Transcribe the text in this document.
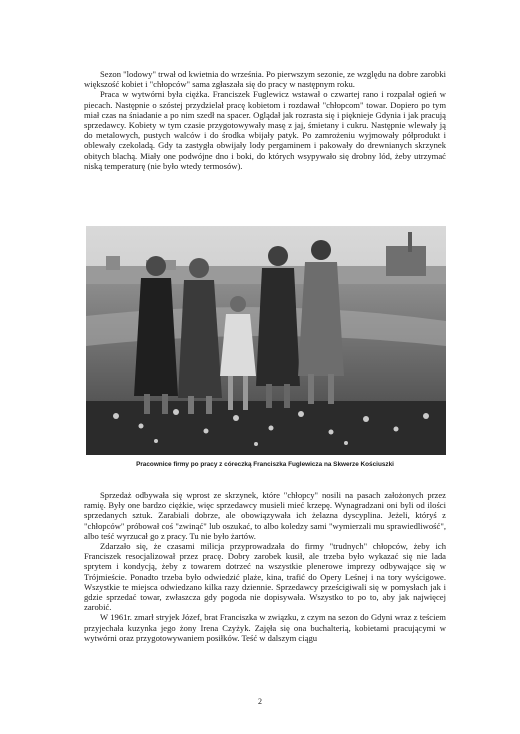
Sezon "lodowy" trwał od kwietnia do września. Po pierwszym sezonie, ze względu na dobre zarobki większość kobiet i "chłopców" sama zgłaszała się do pracy w następnym roku.

Praca w wytwórni była ciężka. Franciszek Fuglewicz wstawał o czwartej rano i rozpalał ogień w piecach. Następnie o szóstej przydzielał pracę kobietom i rozdawał "chłopcom" towar. Dopiero po tym miał czas na śniadanie a po nim szedł na spacer. Oglądał jak rozrasta się i pięknieje Gdynia i jak pracują sprzedawcy. Kobiety w tym czasie przygotowywały masę z jaj, śmietany i cukru. Następnie wlewały ją do metalowych, pustych walców i do środka wbijały patyk. Po zamrożeniu wyjmowały półprodukt i oblewały czekoladą. Gdy ta zastygła obwijały lody pergaminem i pakowały do drewnianych skrzynek obitych blachą. Miały one podwójne dno i boki, do których wsypywało się drobny lód, żeby utrzymać niską temperaturę (nie było wtedy termosów).

Pracownice firmy po pracy z córeczką Franciszka Fuglewicza na Skwerze Kościuszki

Sprzedaż odbywała się wprost ze skrzynek, które "chłopcy" nosili na pasach założonych przez ramię. Były one bardzo ciężkie, więc sprzedawcy musieli mieć krzepę. Wynagradzani oni byli od ilości sprzedanych sztuk. Zarabiali dobrze, ale obowiązywała ich żelazna dyscyplina. Jeżeli, któryś z "chłopców" próbował coś "zwinąć" lub oszukać, to albo koledzy sami "wymierzali mu sprawiedliwość", albo teść wyrzucał go z pracy. Tu nie było żartów.

Zdarzało się, że czasami milicja przyprowadzała do firmy "trudnych" chłopców, żeby ich Franciszek resocjalizował przez pracę. Dobry zarobek kusił, ale trzeba było wykazać się nie lada sprytem i kondycją, żeby z towarem dotrzeć na wszystkie plenerowe imprezy odbywające się w Trójmieście. Ponadto trzeba było odwiedzić plaże, kina, trafić do Opery Leśnej i na tory wyścigowe. Wszystkie te miejsca odwiedzano kilka razy dziennie. Sprzedawcy prześcigiwali się w pomysłach jak i gdzie sprzedać towar, zwłaszcza gdy pogoda nie dopisywała. Wszystko to po to, aby jak najwięcej zarobić.

W 1961r. zmarł stryjek Józef, brat Franciszka w związku, z czym na sezon do Gdyni wraz z teściem przyjechała kuzynka jego żony Irena Czyżyk. Zajęła się ona buchalterią, kobietami pracującymi w wytwórni oraz przygotowywaniem posiłków. Teść w dalszym ciągu

2
